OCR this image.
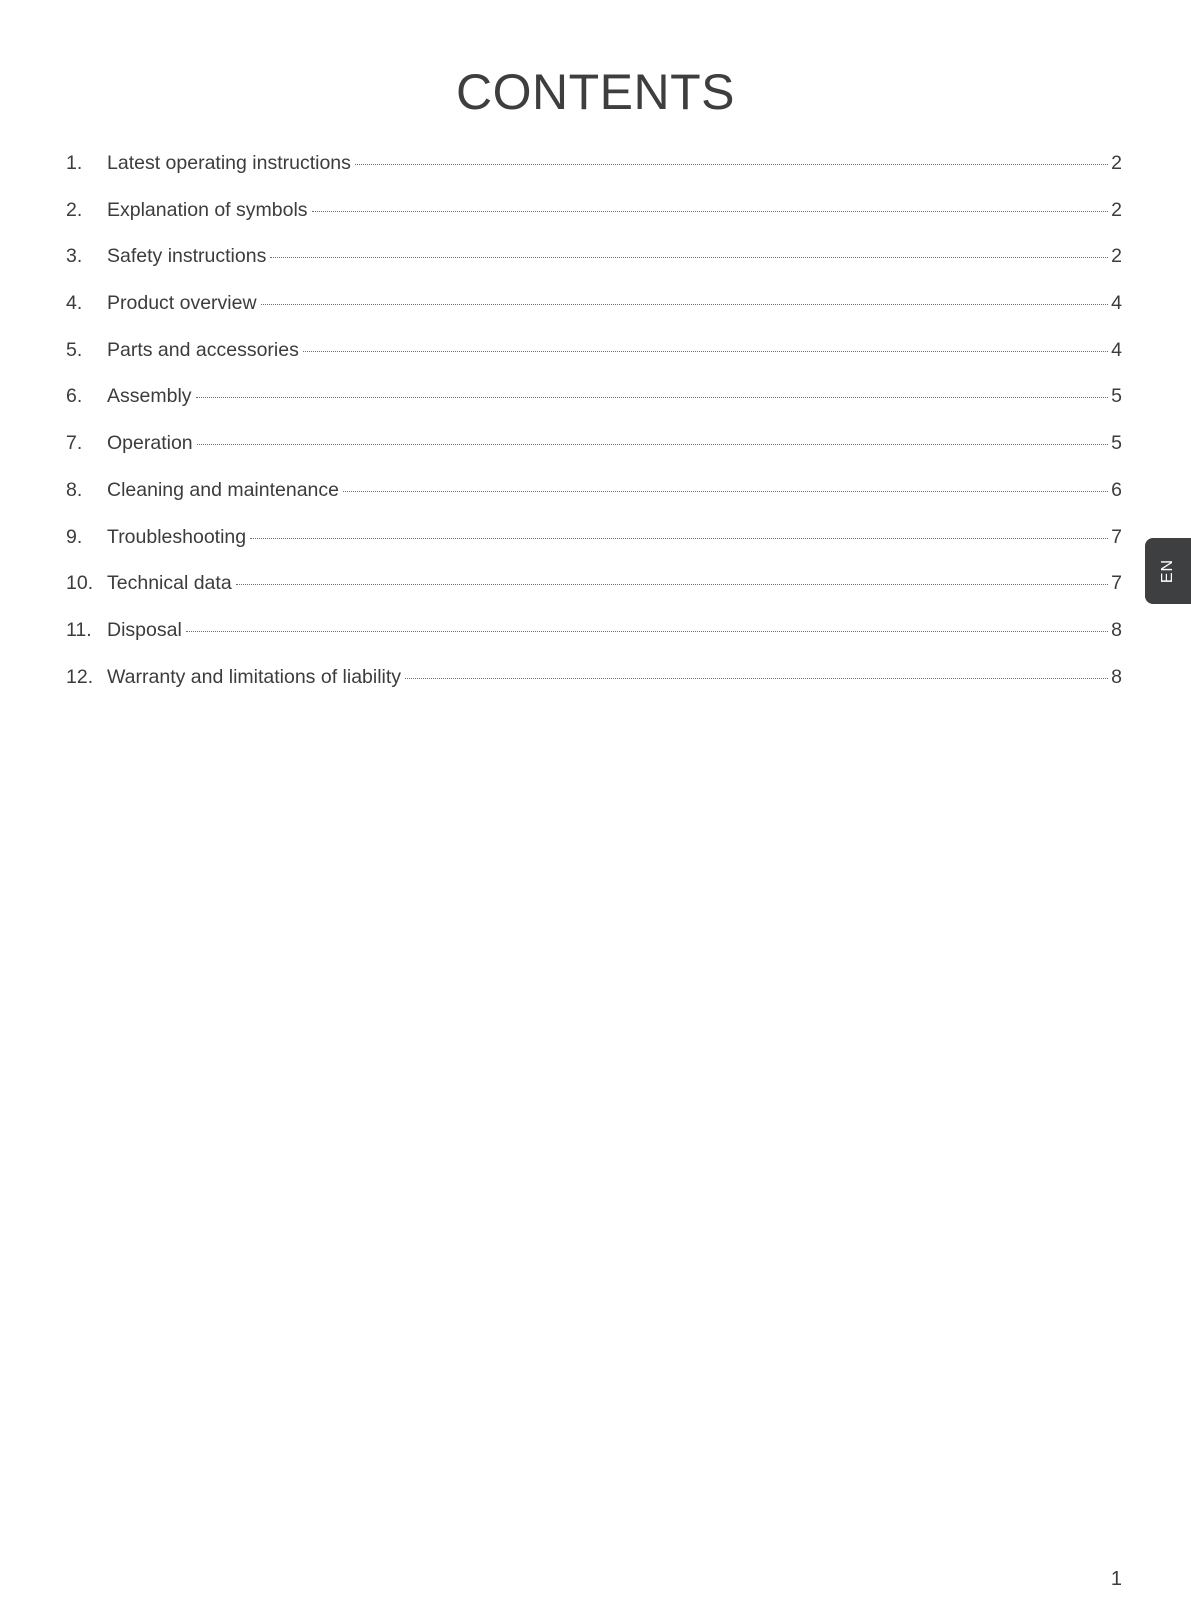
CONTENTS
1.	Latest operating instructions	2
2.	Explanation of symbols	2
3.	Safety instructions	2
4.	Product overview	4
5.	Parts and accessories	4
6.	Assembly	5
7.	Operation	5
8.	Cleaning and maintenance	6
9.	Troubleshooting	7
10. Technical data	7
11. Disposal	8
12. Warranty and limitations of liability	8
EN
1
